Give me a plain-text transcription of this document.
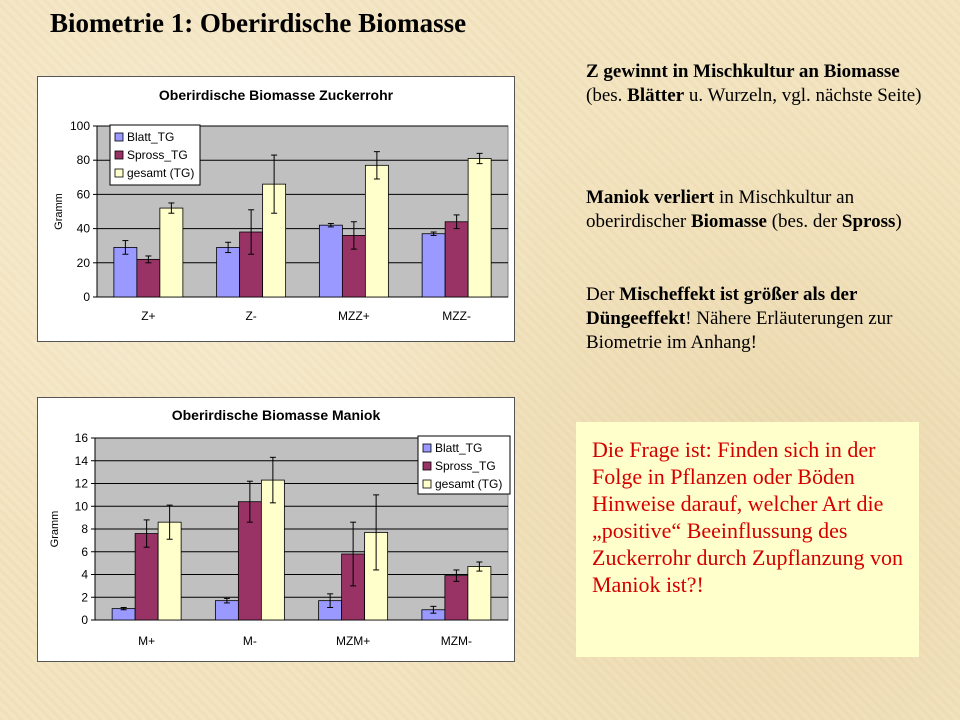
Biometrie 1: Oberirdische Biomasse
Oberirdische Biomasse Zuckerrohr
0
20
40
60
80
100
Gramm
Z+	Z-	MZZ+	MZZ-
Blatt_TG
Spross_TG
gesamt (TG)
Oberirdische Biomasse Maniok
0
2
4
6
8
10
12
14
16
Gramm
M+	M-	MZM+	MZM-
Blatt_TG
Spross_TG
gesamt (TG)

Z gewinnt in Mischkultur an Biomasse (bes. Blätter u. Wurzeln, vgl. nächste Seite)

Maniok verliert in Mischkultur an oberirdischer Biomasse (bes. der Spross)

Der Mischeffekt ist größer als der Düngeeffekt! Nähere Erläuterungen zur Biometrie im Anhang!

Die Frage ist: Finden sich in der Folge in Pflanzen oder Böden Hinweise darauf, welcher Art die „positive“ Beeinflussung des Zuckerrohr durch Zupflanzung von Maniok ist?!
